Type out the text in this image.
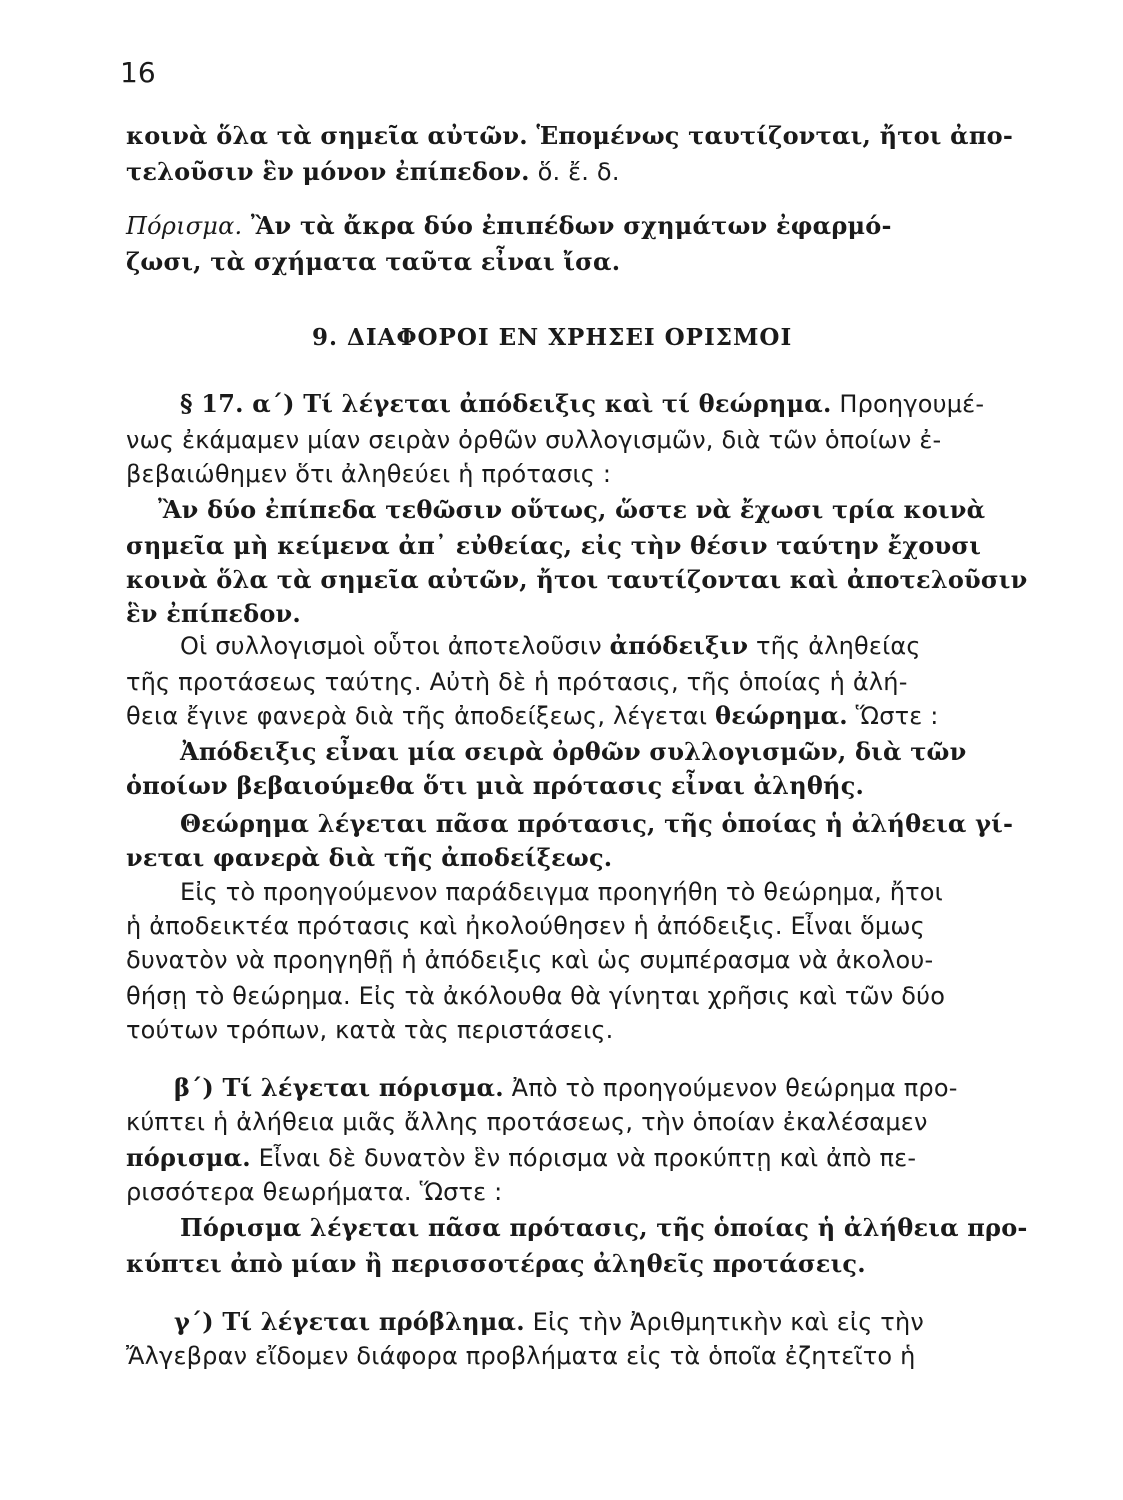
16
κοινὰ ὅλα τὰ σημεῖα αὐτῶν. Ἑπομένως ταυτίζονται, ἤτοι ἀπο-
τελοῦσιν ἓν μόνον ἐπίπεδον. ὅ. ἔ. δ.
Πόρισμα. Ἂν τὰ ἄκρα δύο ἐπιπέδων σχημάτων ἐφαρμό-
ζωσι, τὰ σχήματα ταῦτα εἶναι ἴσα.
9. ΔΙΑΦΟΡΟΙ ΕΝ ΧΡΗΣΕΙ ΟΡΙΣΜΟΙ
§ 17. α΄) Τί λέγεται ἀπόδειξις καὶ τί θεώρημα. Προηγουμέ-
νως ἐκάμαμεν μίαν σειρὰν ὀρθῶν συλλογισμῶν, διὰ τῶν ὁποίων ἐ-
βεβαιώθημεν ὅτι ἀληθεύει ἡ πρότασις :
Ἂν δύο ἐπίπεδα τεθῶσιν οὕτως, ὥστε νὰ ἔχωσι τρία κοινὰ
σημεῖα μὴ κείμενα ἀπ᾽ εὐθείας, εἰς τὴν θέσιν ταύτην ἔχουσι
κοινὰ ὅλα τὰ σημεῖα αὐτῶν, ἤτοι ταυτίζονται καὶ ἀποτελοῦσιν
ἓν ἐπίπεδον.
Οἱ συλλογισμοὶ οὗτοι ἀποτελοῦσιν ἀπόδειξιν τῆς ἀληθείας
τῆς προτάσεως ταύτης. Αὐτὴ δὲ ἡ πρότασις, τῆς ὁποίας ἡ ἀλή-
θεια ἔγινε φανερὰ διὰ τῆς ἀποδείξεως, λέγεται θεώρημα. Ὥστε :
Ἀπόδειξις εἶναι μία σειρὰ ὀρθῶν συλλογισμῶν, διὰ τῶν
ὁποίων βεβαιούμεθα ὅτι μιὰ πρότασις εἶναι ἀληθής.
Θεώρημα λέγεται πᾶσα πρότασις, τῆς ὁποίας ἡ ἀλήθεια γί-
νεται φανερὰ διὰ τῆς ἀποδείξεως.
Εἰς τὸ προηγούμενον παράδειγμα προηγήθη τὸ θεώρημα, ἤτοι
ἡ ἀποδεικτέα πρότασις καὶ ἠκολούθησεν ἡ ἀπόδειξις. Εἶναι ὅμως
δυνατὸν νὰ προηγηθῇ ἡ ἀπόδειξις καὶ ὡς συμπέρασμα νὰ ἀκολου-
θήσῃ τὸ θεώρημα. Εἰς τὰ ἀκόλουθα θὰ γίνηται χρῆσις καὶ τῶν δύο
τούτων τρόπων, κατὰ τὰς περιστάσεις.
β΄) Τί λέγεται πόρισμα. Ἀπὸ τὸ προηγούμενον θεώρημα προ-
κύπτει ἡ ἀλήθεια μιᾶς ἄλλης προτάσεως, τὴν ὁποίαν ἐκαλέσαμεν
πόρισμα. Εἶναι δὲ δυνατὸν ἓν πόρισμα νὰ προκύπτῃ καὶ ἀπὸ πε-
ρισσότερα θεωρήματα. Ὥστε :
Πόρισμα λέγεται πᾶσα πρότασις, τῆς ὁποίας ἡ ἀλήθεια προ-
κύπτει ἀπὸ μίαν ἢ περισσοτέρας ἀληθεῖς προτάσεις.
γ΄) Τί λέγεται πρόβλημα. Εἰς τὴν Ἀριθμητικὴν καὶ εἰς τὴν
Ἄλγεβραν εἴδομεν διάφορα προβλήματα εἰς τὰ ὁποῖα ἐζητεῖτο ἡ
